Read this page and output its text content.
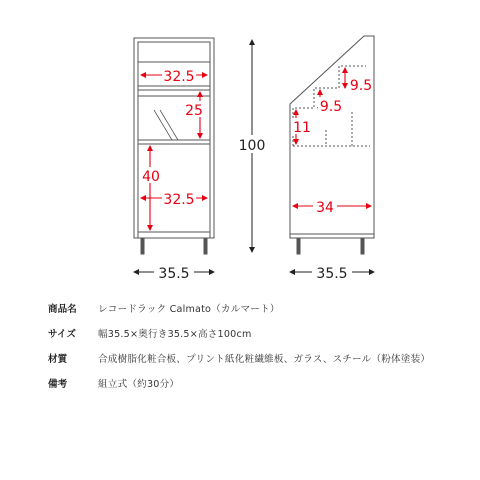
32.5
25
40
32.5
100
35.5
9.5
9.5
11
34
35.5
商品名	レコードラック Calmato（カルマート）
サイズ	幅35.5×奥行き35.5×高さ100cm
材質	合成樹脂化粧合板、プリント紙化粧繊維板、ガラス、スチール（粉体塗装）
備考	組立式（約30分）
